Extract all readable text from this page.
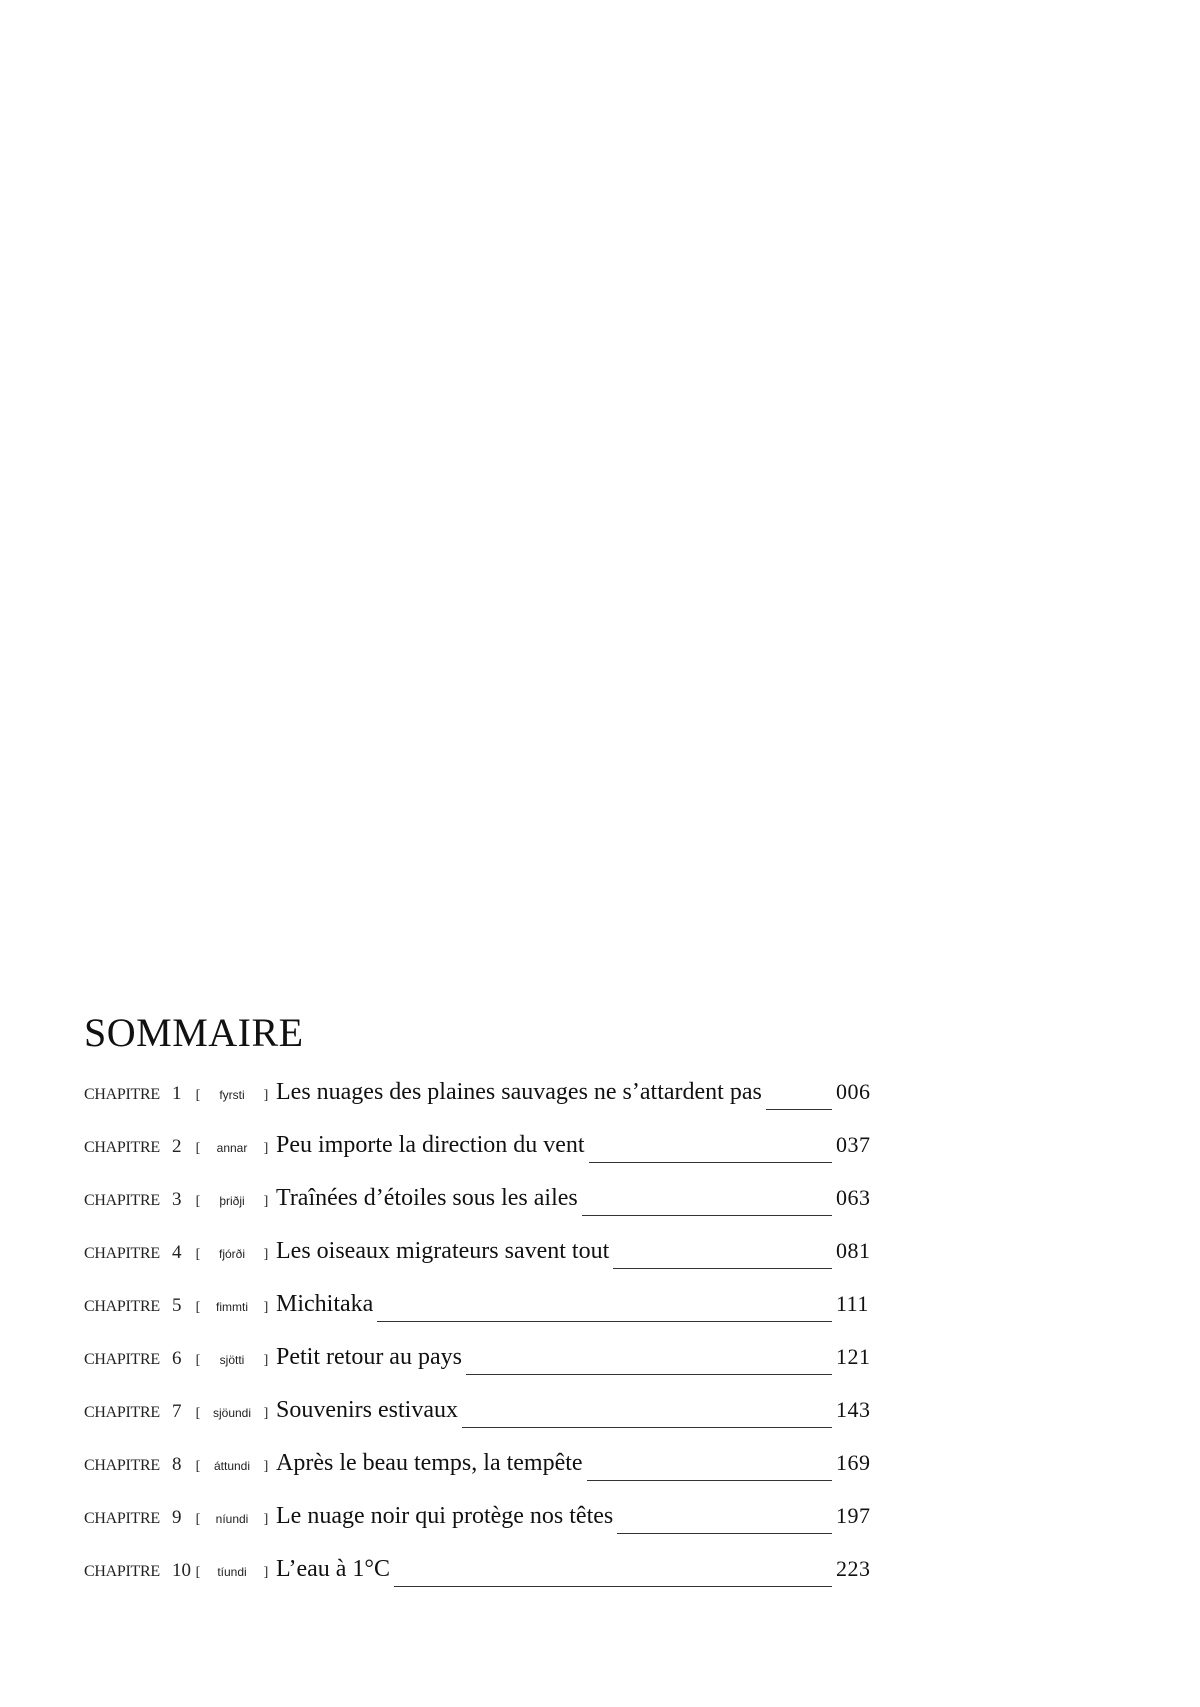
SOMMAIRE
CHAPITRE 1	[	fyrsti	] Les nuages des plaines sauvages ne s’attardent pas	006
CHAPITRE 2	[	annar	] Peu importe la direction du vent	037
CHAPITRE 3	[	þriðji	] Traînées d’étoiles sous les ailes	063
CHAPITRE 4	[	fjórði	] Les oiseaux migrateurs savent tout	081
CHAPITRE 5	[	fimmti	] Michitaka	111
CHAPITRE 6	[	sjötti	] Petit retour au pays	121
CHAPITRE 7	[	sjöundi ] Souvenirs estivaux	143
CHAPITRE 8	[	áttundi ] Après le beau temps, la tempête	169
CHAPITRE 9	[	níundi	] Le nuage noir qui protège nos têtes	197
CHAPITRE 10 [	tíundi	] L’eau à 1°C	223
